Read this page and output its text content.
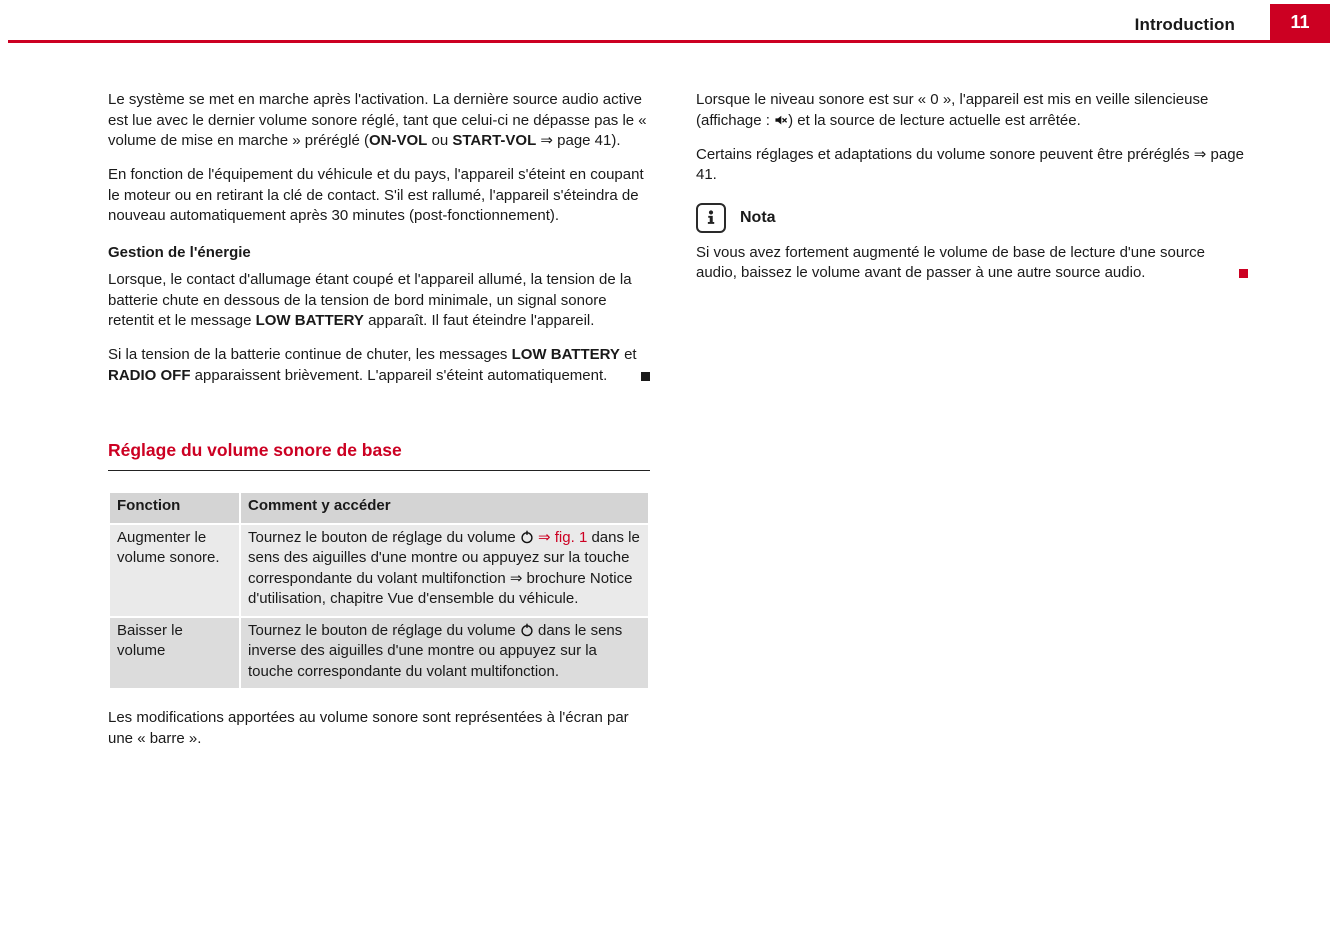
Introduction	11

Le système se met en marche après l'activation. La dernière source audio active est lue avec le dernier volume sonore réglé, tant que celui-ci ne dépasse pas le « volume de mise en marche » préréglé (ON-VOL ou START-VOL ⇒ page 41).

En fonction de l'équipement du véhicule et du pays, l'appareil s'éteint en coupant le moteur ou en retirant la clé de contact. S'il est rallumé, l'appareil s'éteindra de nouveau automatiquement après 30 minutes (post-fonctionnement).

Gestion de l'énergie

Lorsque, le contact d'allumage étant coupé et l'appareil allumé, la tension de la batterie chute en dessous de la tension de bord minimale, un signal sonore retentit et le message LOW BATTERY apparaît. Il faut éteindre l'appareil.

Si la tension de la batterie continue de chuter, les messages LOW BATTERY et RADIO OFF apparaissent brièvement. L'appareil s'éteint automatiquement.

Réglage du volume sonore de base
Fonction	Comment y accéder
Augmenter le volume sonore.	Tournez le bouton de réglage du volume
⇒ fig. 1 dans le sens des aiguilles d'une montre ou appuyez sur la touche correspondante du volant multifonction ⇒ brochure Notice d'utilisation, chapitre Vue d'ensemble du véhicule.
Baisser le volume	Tournez le bouton de réglage du volume
dans le sens inverse des aiguilles d'une montre ou appuyez sur la touche correspondante du volant multifonction.

Les modifications apportées au volume sonore sont représentées à l'écran par une « barre ».

Lorsque le niveau sonore est sur « 0 », l'appareil est mis en veille silencieuse (affichage :
) et la source de lecture actuelle est arrêtée.

Certains réglages et adaptations du volume sonore peuvent être préréglés ⇒ page 41.

Nota

Si vous avez fortement augmenté le volume de base de lecture d'une source audio, baissez le volume avant de passer à une autre source audio.
